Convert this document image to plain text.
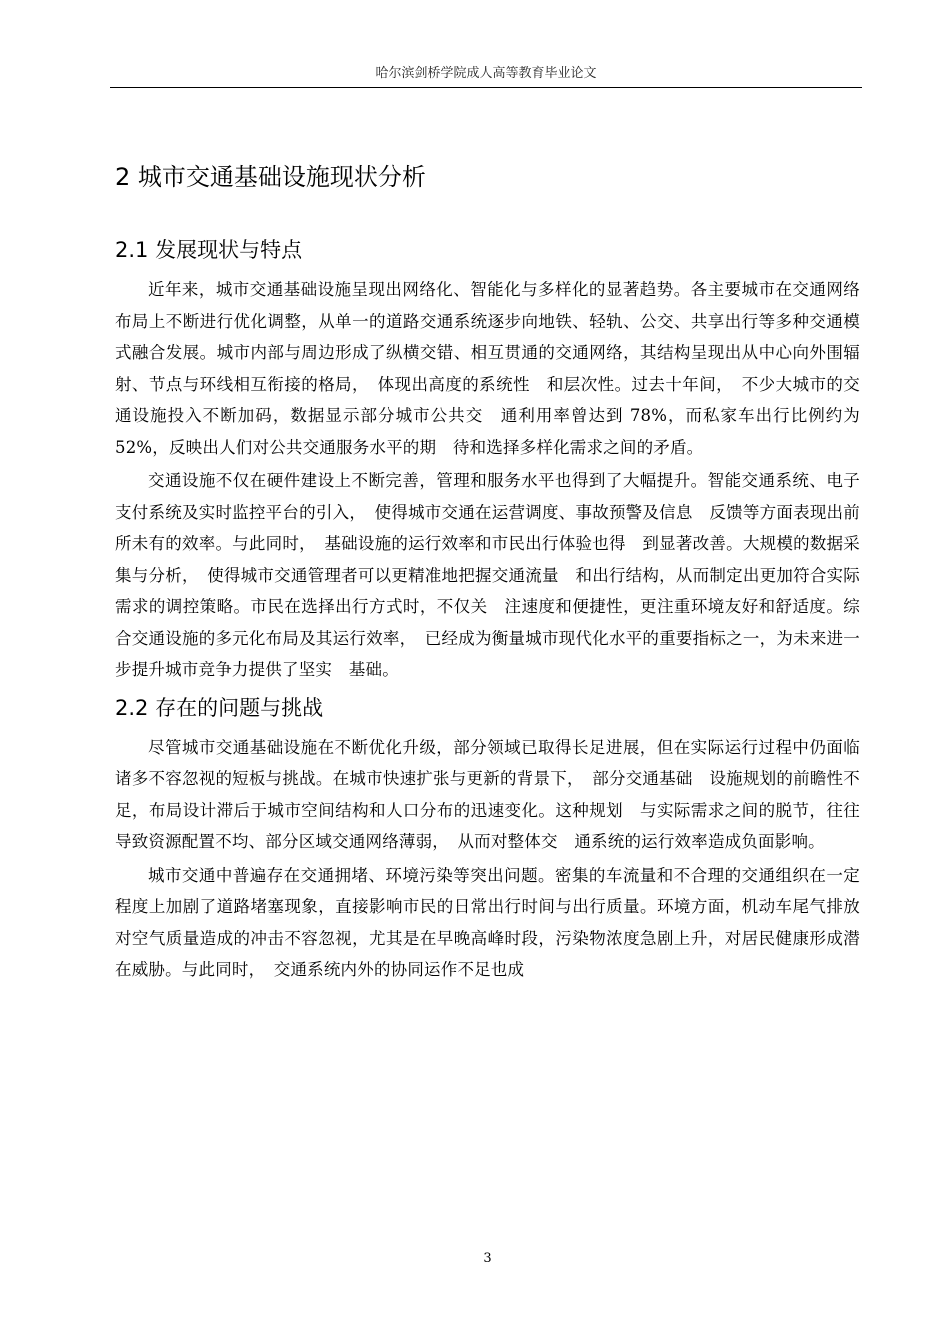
哈尔滨剑桥学院成人高等教育毕业论文
2 城市交通基础设施现状分析
2.1 发展现状与特点

近年来，城市交通基础设施呈现出网络化、智能化与多样化的显著趋势。各主要城市在交通网络布局上不断进行优化调整，从单一的道路交通系统逐步向地铁、轻轨、公交、共享出行等多种交通模式融合发展。城市内部与周边形成了纵横交错、相互贯通的交通网络，其结构呈现出从中心向外围辐射、节点与环线相互衔接的格局，　体现出高度的系统性　和层次性。过去十年间，　不少大城市的交通设施投入不断加码，数据显示部分城市公共交　通利用率曾达到 78%，而私家车出行比例约为 52%，反映出人们对公共交通服务水平的期　待和选择多样化需求之间的矛盾。

交通设施不仅在硬件建设上不断完善，管理和服务水平也得到了大幅提升。智能交通系统、电子支付系统及实时监控平台的引入，　使得城市交通在运营调度、事故预警及信息　反馈等方面表现出前所未有的效率。与此同时，　基础设施的运行效率和市民出行体验也得　到显著改善。大规模的数据采集与分析，　使得城市交通管理者可以更精准地把握交通流量　和出行结构，从而制定出更加符合实际需求的调控策略。市民在选择出行方式时，不仅关　注速度和便捷性，更注重环境友好和舒适度。综合交通设施的多元化布局及其运行效率，　已经成为衡量城市现代化水平的重要指标之一，为未来进一步提升城市竞争力提供了坚实　基础。

2.2 存在的问题与挑战

尽管城市交通基础设施在不断优化升级，部分领域已取得长足进展，但在实际运行过程中仍面临诸多不容忽视的短板与挑战。在城市快速扩张与更新的背景下，　部分交通基础　设施规划的前瞻性不足，布局设计滞后于城市空间结构和人口分布的迅速变化。这种规划　与实际需求之间的脱节，往往导致资源配置不均、部分区域交通网络薄弱，　从而对整体交　通系统的运行效率造成负面影响。

城市交通中普遍存在交通拥堵、环境污染等突出问题。密集的车流量和不合理的交通组织在一定程度上加剧了道路堵塞现象，直接影响市民的日常出行时间与出行质量。环境方面，机动车尾气排放对空气质量造成的冲击不容忽视，尤其是在早晚高峰时段，污染物浓度急剧上升，对居民健康形成潜在威胁。与此同时，　交通系统内外的协同运作不足也成

3
